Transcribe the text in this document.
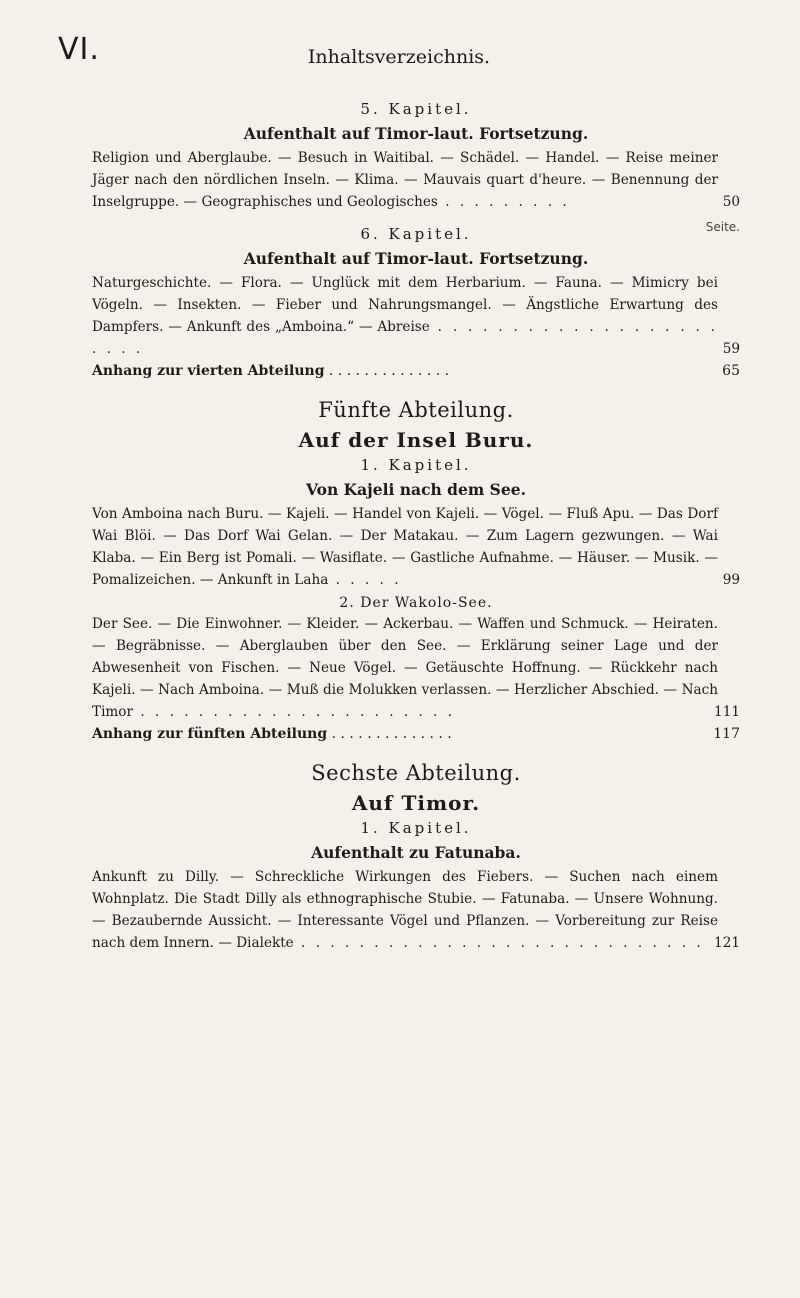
VI.	Inhaltsverzeichnis.
Seite.
5. Kapitel.
Aufenthalt auf Timor-laut. Fortsetzung.
Religion und Aberglaube. — Besuch in Waitibal. — Schädel. — Handel. — Reise meiner Jäger nach den nördlichen Inseln. — Klima. — Mauvais quart d'heure. — Benennung der Inselgruppe. — Geographisches und Geologisches . . . . . . . . .	50
6. Kapitel.
Aufenthalt auf Timor-laut. Fortsetzung.
Naturgeschichte. — Flora. — Unglück mit dem Herbarium. — Fauna. — Mimicry bei Vögeln. — Insekten. — Fieber und Nahrungsmangel. — Ängstliche Erwartung des Dampfers. — Ankunft des „Amboina.“ — Abreise . . . . . . . . . . . . . . . . . . . . . . .	59
Anhang zur vierten Abteilung . . . . . . . . . . . . . .	65
Fünfte Abteilung.
Auf der Insel Buru.
1. Kapitel.
Von Kajeli nach dem See.
Von Amboina nach Buru. — Kajeli. — Handel von Kajeli. — Vögel. — Fluß Apu. — Das Dorf Wai Blöi. — Das Dorf Wai Gelan. — Der Matakau. — Zum Lagern gezwungen. — Wai Klaba. — Ein Berg ist Pomali. — Wasiflate. — Gastliche Aufnahme. — Häuser. — Musik. — Pomalizeichen. — Ankunft in Laha . . . . .	99
2. Der Wakolo-See.
Der See. — Die Einwohner. — Kleider. — Ackerbau. — Waffen und Schmuck. — Heiraten. — Begräbnisse. — Aberglauben über den See. — Erklärung seiner Lage und der Abwesenheit von Fischen. — Neue Vögel. — Getäuschte Hoffnung. — Rückkehr nach Kajeli. — Nach Amboina. — Muß die Molukken verlassen. — Herzlicher Abschied. — Nach Timor . . . . . . . . . . . . . . . . . . . . . .	111
Anhang zur fünften Abteilung . . . . . . . . . . . . . .	117
Sechste Abteilung.
Auf Timor.
1. Kapitel.
Aufenthalt zu Fatunaba.
Ankunft zu Dilly. — Schreckliche Wirkungen des Fiebers. — Suchen nach einem Wohnplatz. Die Stadt Dilly als ethnographische Stubie. — Fatunaba. — Unsere Wohnung. — Bezaubernde Aussicht. — Interessante Vögel und Pflanzen. — Vorbereitung zur Reise nach dem Innern. — Dialekte . . . . . . . . . . . . . . . . . . . . . . . . . . . . 121
